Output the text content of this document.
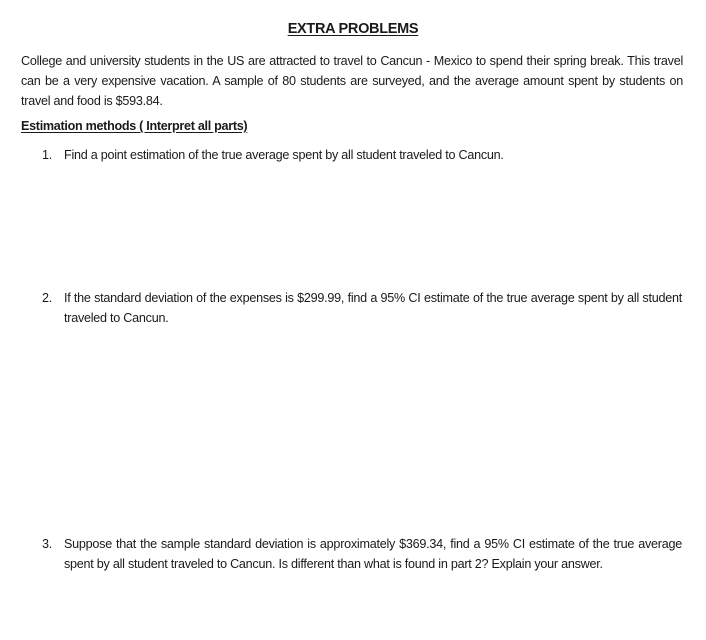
EXTRA PROBLEMS

College and university students in the US are attracted to travel to Cancun - Mexico to spend their spring break. This travel can be a very expensive vacation. A sample of 80 students are surveyed, and the average amount spent by students on travel and food is $593.84.

Estimation methods ( Interpret all parts)
1. Find a point estimation of the true average spent by all student traveled to Cancun.
2. If the standard deviation of the expenses is $299.99, find a 95% CI estimate of the true average spent by all student traveled to Cancun.
3. Suppose that the sample standard deviation is approximately $369.34, find a 95% CI estimate of the true average spent by all student traveled to Cancun. Is different than what is found in part 2? Explain your answer.
